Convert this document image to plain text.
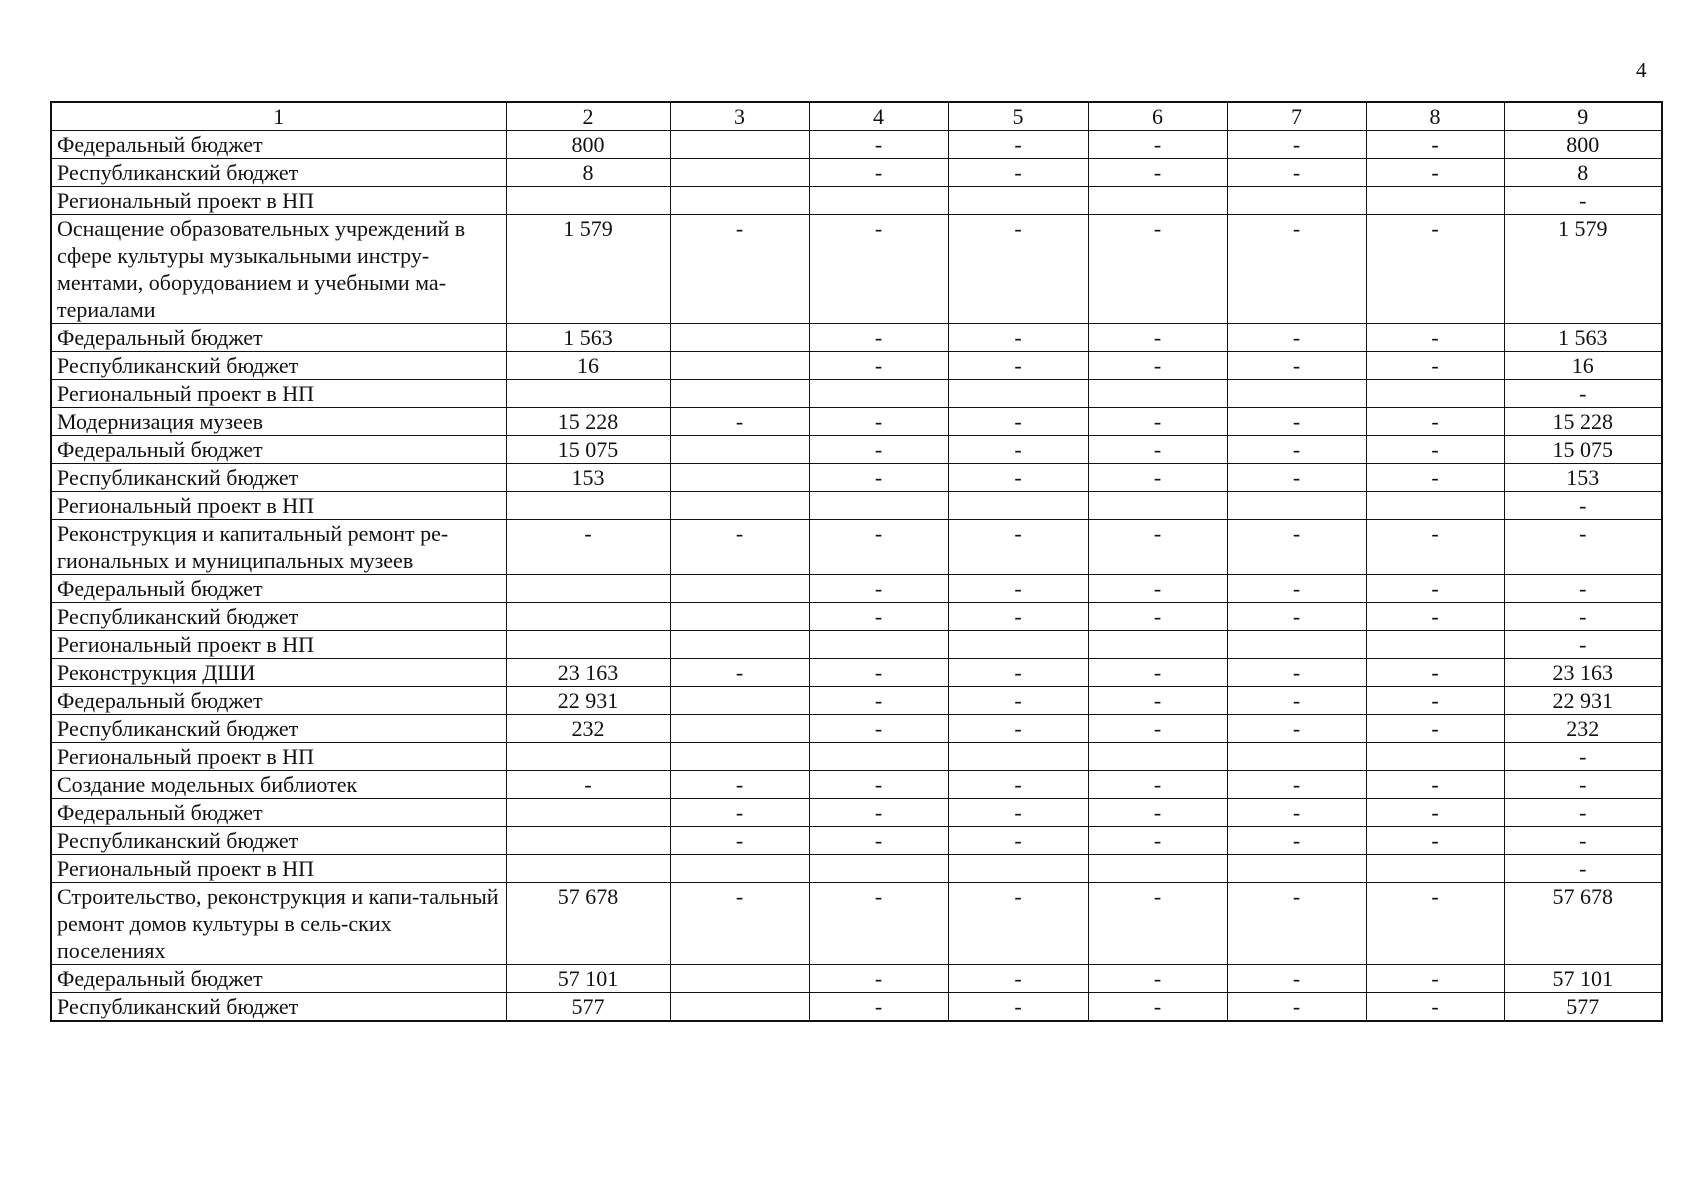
4
1	2	3	4	5	6	7	8	9
Федеральный бюджет	800		-	-	-	-	-	800
Республиканский бюджет	8		-	-	-	-	-	8
Региональный проект в НП								-
Оснащение образовательных учреждений в сфере культуры музыкальными инстру-ментами, оборудованием и учебными ма-териалами	1 579	-	-	-	-	-	-	1 579
Федеральный бюджет	1 563		-	-	-	-	-	1 563
Республиканский бюджет	16		-	-	-	-	-	16
Региональный проект в НП								-
Модернизация музеев	15 228	-	-	-	-	-	-	15 228
Федеральный бюджет	15 075		-	-	-	-	-	15 075
Республиканский бюджет	153		-	-	-	-	-	153
Региональный проект в НП								-
Реконструкция и капитальный ремонт ре-гиональных и муниципальных музеев	-	-	-	-	-	-	-	-
Федеральный бюджет			-	-	-	-	-	-
Республиканский бюджет			-	-	-	-	-	-
Региональный проект в НП								-
Реконструкция ДШИ	23 163	-	-	-	-	-	-	23 163
Федеральный бюджет	22 931		-	-	-	-	-	22 931
Республиканский бюджет	232		-	-	-	-	-	232
Региональный проект в НП								-
Создание модельных библиотек	-	-	-	-	-	-	-	-
Федеральный бюджет		-	-	-	-	-	-	-
Республиканский бюджет		-	-	-	-	-	-	-
Региональный проект в НП								-
Строительство, реконструкция и капи-тальный ремонт домов культуры в сель-ских поселениях	57 678	-	-	-	-	-	-	57 678
Федеральный бюджет	57 101		-	-	-	-	-	57 101
Республиканский бюджет	577		-	-	-	-	-	577
